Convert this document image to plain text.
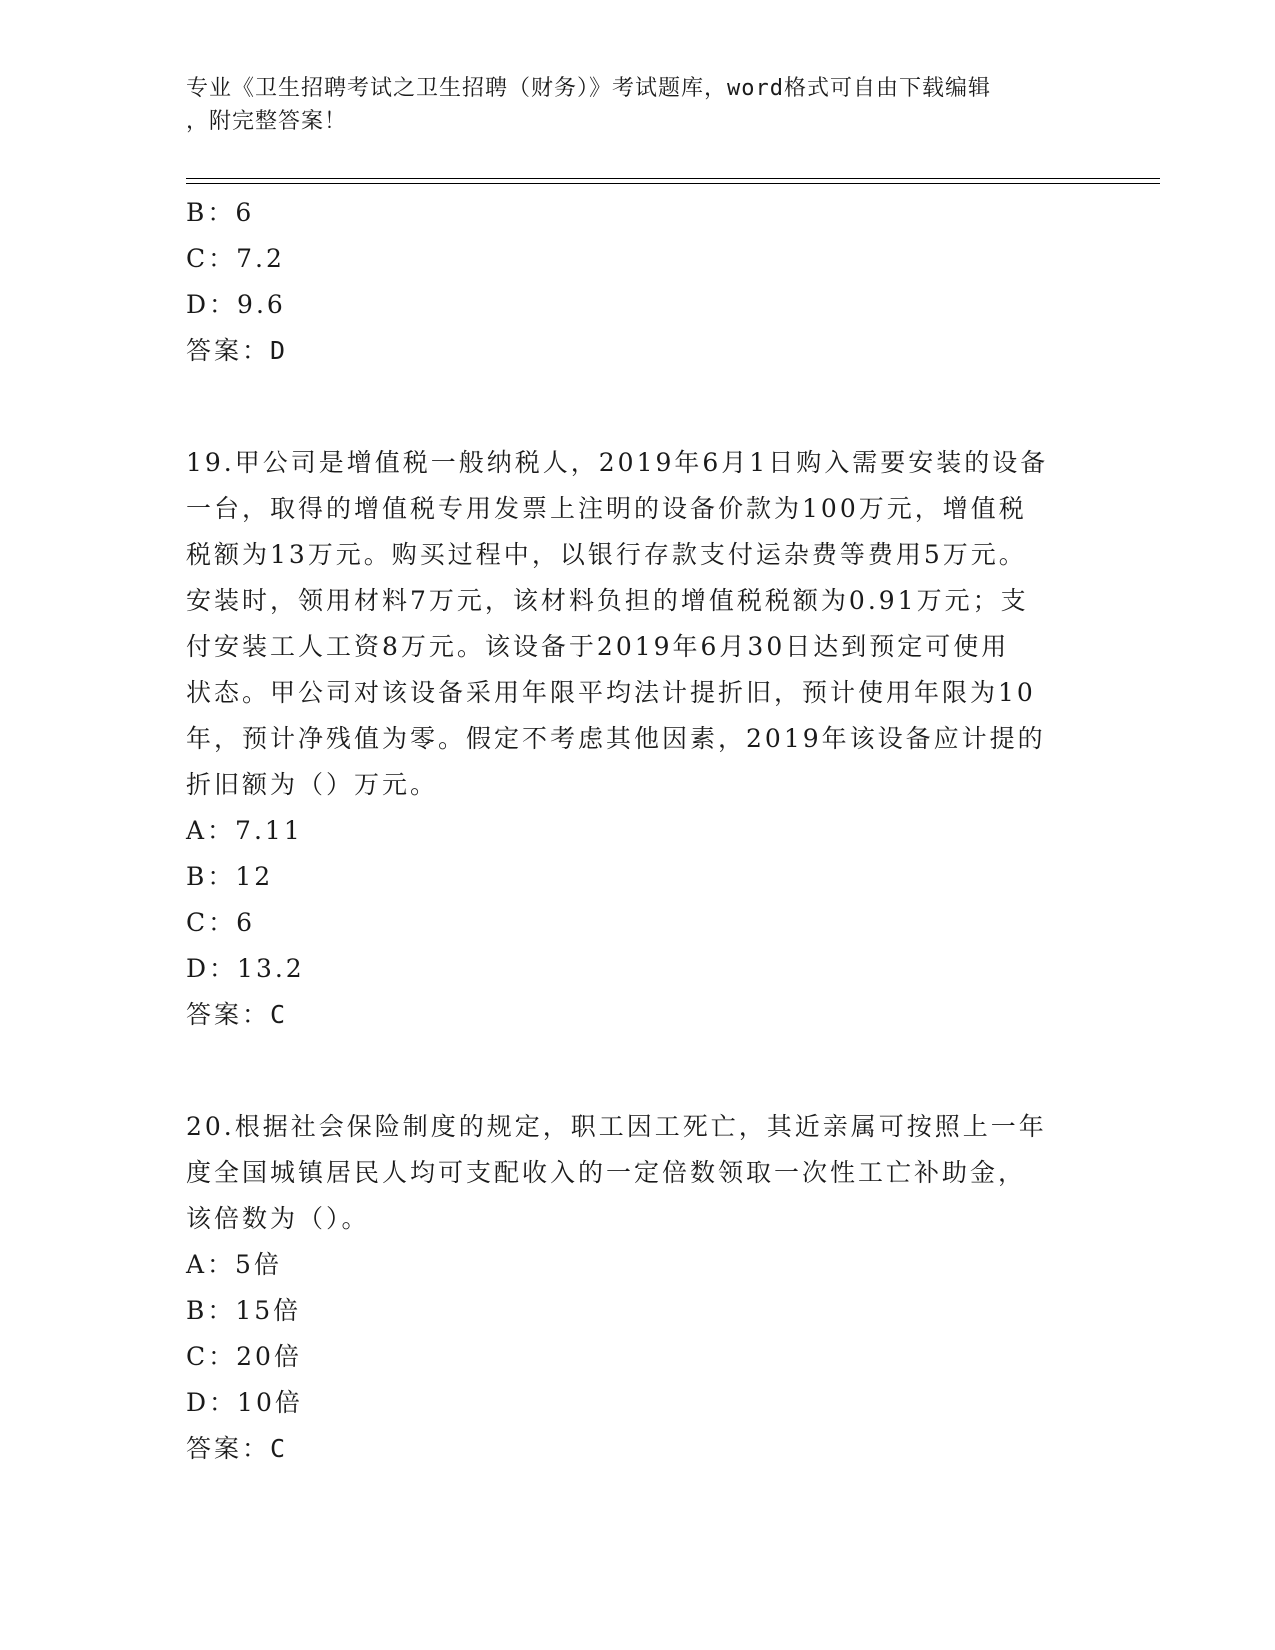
专业《卫生招聘考试之卫生招聘（财务）》考试题库，word格式可自由下载编辑
，附完整答案！
B：6
C：7.2
D：9.6
答案：D
19.甲公司是增值税一般纳税人，2019年6月1日购入需要安装的设备
一台，取得的增值税专用发票上注明的设备价款为100万元，增值税
税额为13万元。购买过程中，以银行存款支付运杂费等费用5万元。
安装时，领用材料7万元，该材料负担的增值税税额为0.91万元；支
付安装工人工资8万元。该设备于2019年6月30日达到预定可使用
状态。甲公司对该设备采用年限平均法计提折旧，预计使用年限为10
年，预计净残值为零。假定不考虑其他因素，2019年该设备应计提的
折旧额为（）万元。
A：7.11
B：12
C：6
D：13.2
答案：C
20.根据社会保险制度的规定，职工因工死亡，其近亲属可按照上一年
度全国城镇居民人均可支配收入的一定倍数领取一次性工亡补助金，
该倍数为（）。
A：5倍
B：15倍
C：20倍
D：10倍
答案：C
